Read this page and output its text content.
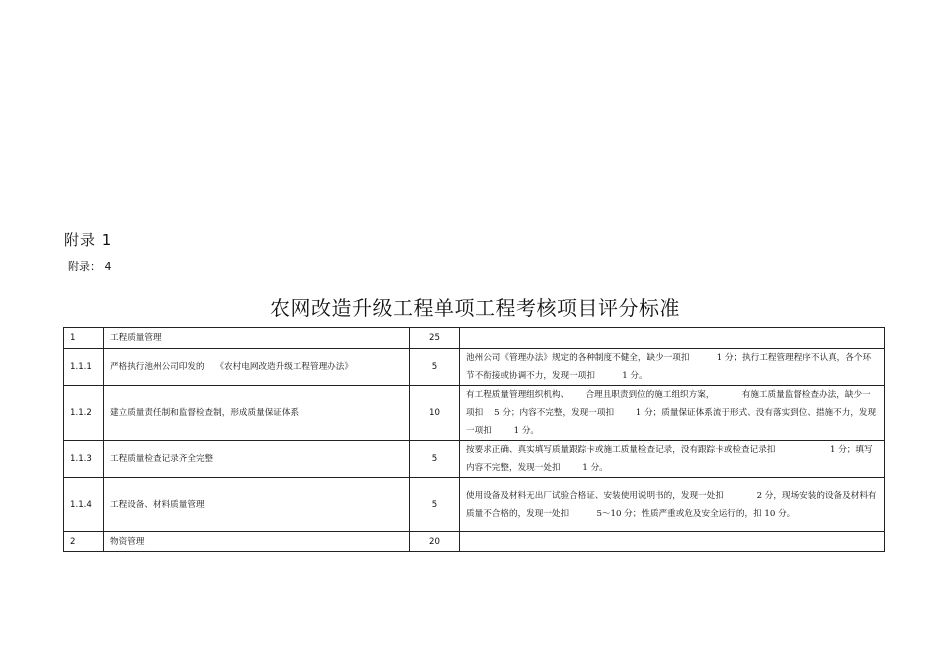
附录 1
附录： 4
农网改造升级工程单项工程考核项目评分标准
1	工程质量管理	25	
1.1.1	严格执行池州公司印发的    《农村电网改造升级工程管理办法》	5	池州公司《管理办法》规定的各种制度不健全，缺少一项扣          1 分；执行工程管理程序不认真，各个环节不衔接或协调不力，发现一项扣          1 分。
1.1.2	建立质量责任制和监督检查制，形成质量保证体系	10	有工程质量管理组织机构、      合理且职责到位的施工组织方案，          有施工质量监督检查办法，缺少一项扣    5 分；内容不完整，发现一项扣        1 分；质量保证体系流于形式、没有落实到位、措施不力，发现一项扣        1 分。
1.1.3	工程质量检查记录齐全完整	5	按要求正确、真实填写质量跟踪卡或施工质量检查记录，没有跟踪卡或检查记录扣                    1 分；填写内容不完整，发现一处扣        1 分。
1.1.4	工程设备、材料质量管理	5	使用设备及材料无出厂试验合格证、安装使用说明书的，发现一处扣            2 分，现场安装的设备及材料有质量不合格的，发现一处扣          5～10 分；性质严重或危及安全运行的，扣 10 分。
2	物资管理	20	
